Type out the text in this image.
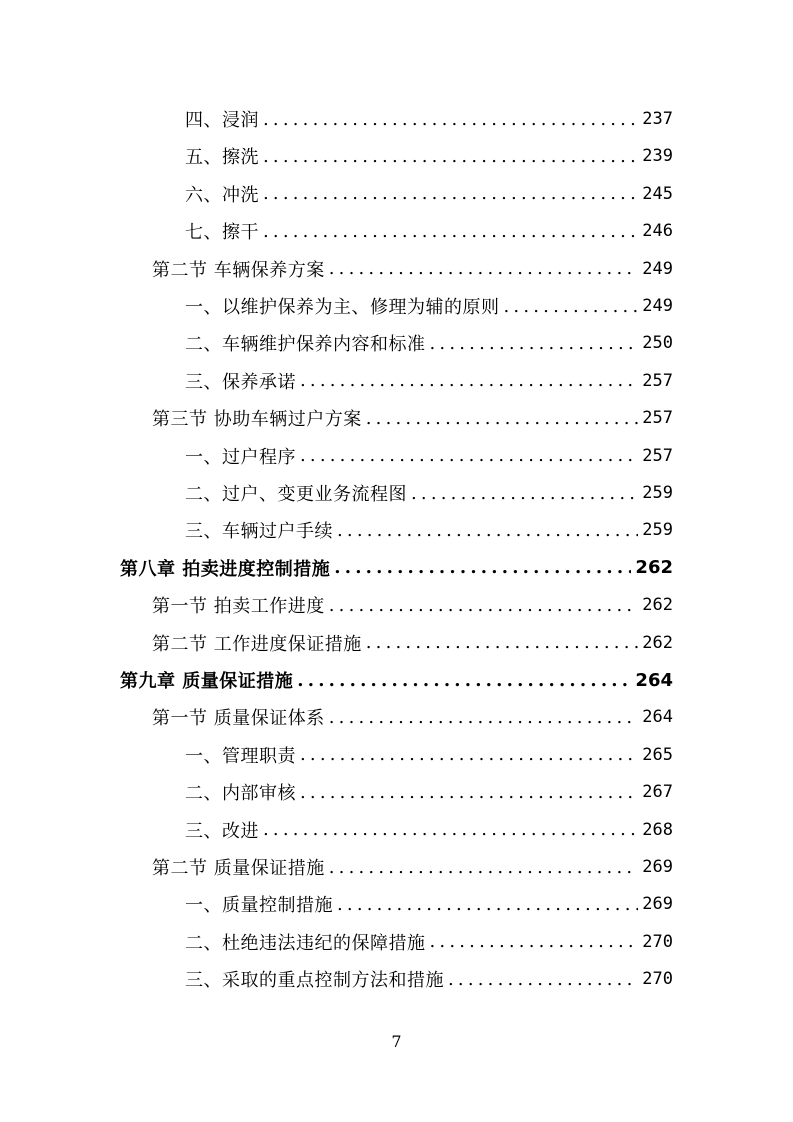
四、浸润 .....	237
五、擦洗 .....	239
六、冲洗 .....	245
七、擦干 .....	246
第二节 车辆保养方案 .....	249
一、以维护保养为主、修理为辅的原则 .....	249
二、车辆维护保养内容和标准 .....	250
三、保养承诺 .....	257
第三节 协助车辆过户方案 .....	257
一、过户程序 .....	257
二、过户、变更业务流程图 .....	259
三、车辆过户手续 .....	259
第八章 拍卖进度控制措施 .....	262
第一节 拍卖工作进度 .....	262
第二节 工作进度保证措施 .....	262
第九章 质量保证措施 .....	264
第一节 质量保证体系 .....	264
一、管理职责 .....	265
二、内部审核 .....	267
三、改进 .....	268
第二节 质量保证措施 .....	269
一、质量控制措施 .....	269
二、杜绝违法违纪的保障措施 .....	270
三、采取的重点控制方法和措施 .....	270
7
